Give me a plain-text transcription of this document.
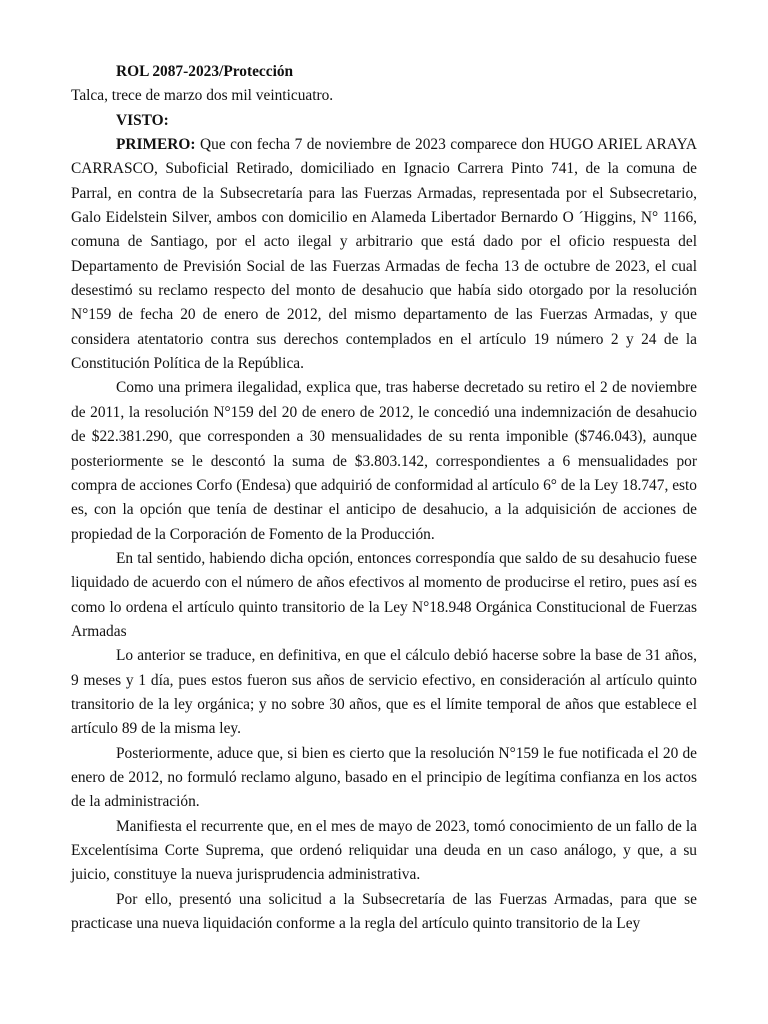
ROL 2087-2023/Protección

Talca, trece de marzo dos mil veinticuatro.

VISTO:

PRIMERO: Que con fecha 7 de noviembre de 2023 comparece don HUGO ARIEL ARAYA CARRASCO, Suboficial Retirado, domiciliado en Ignacio Carrera Pinto 741, de la comuna de Parral, en contra de la Subsecretaría para las Fuerzas Armadas, representada por el Subsecretario, Galo Eidelstein Silver, ambos con domicilio en Alameda Libertador Bernardo O ´Higgins, N° 1166, comuna de Santiago, por el acto ilegal y arbitrario que está dado por el oficio respuesta del Departamento de Previsión Social de las Fuerzas Armadas de fecha 13 de octubre de 2023, el cual desestimó su reclamo respecto del monto de desahucio que había sido otorgado por la resolución N°159 de fecha 20 de enero de 2012, del mismo departamento de las Fuerzas Armadas, y que considera atentatorio contra sus derechos contemplados en el artículo 19 número 2 y 24 de la Constitución Política de la República.

Como una primera ilegalidad, explica que, tras haberse decretado su retiro el 2 de noviembre de 2011, la resolución N°159 del 20 de enero de 2012, le concedió una indemnización de desahucio de $22.381.290, que corresponden a 30 mensualidades de su renta imponible ($746.043), aunque posteriormente se le descontó la suma de $3.803.142, correspondientes a 6 mensualidades por compra de acciones Corfo (Endesa) que adquirió de conformidad al artículo 6° de la Ley 18.747, esto es, con la opción que tenía de destinar el anticipo de desahucio, a la adquisición de acciones de propiedad de la Corporación de Fomento de la Producción.

En tal sentido, habiendo dicha opción, entonces correspondía que saldo de su desahucio fuese liquidado de acuerdo con el número de años efectivos al momento de producirse el retiro, pues así es como lo ordena el artículo quinto transitorio de la Ley N°18.948 Orgánica Constitucional de Fuerzas Armadas

Lo anterior se traduce, en definitiva, en que el cálculo debió hacerse sobre la base de 31 años, 9 meses y 1 día, pues estos fueron sus años de servicio efectivo, en consideración al artículo quinto transitorio de la ley orgánica; y no sobre 30 años, que es el límite temporal de años que establece el artículo 89 de la misma ley.

Posteriormente, aduce que, si bien es cierto que la resolución N°159 le fue notificada el 20 de enero de 2012, no formuló reclamo alguno, basado en el principio de legítima confianza en los actos de la administración.

Manifiesta el recurrente que, en el mes de mayo de 2023, tomó conocimiento de un fallo de la Excelentísima Corte Suprema, que ordenó reliquidar una deuda en un caso análogo, y que, a su juicio, constituye la nueva jurisprudencia administrativa.

Por ello, presentó una solicitud a la Subsecretaría de las Fuerzas Armadas, para que se practicase una nueva liquidación conforme a la regla del artículo quinto transitorio de la Ley
